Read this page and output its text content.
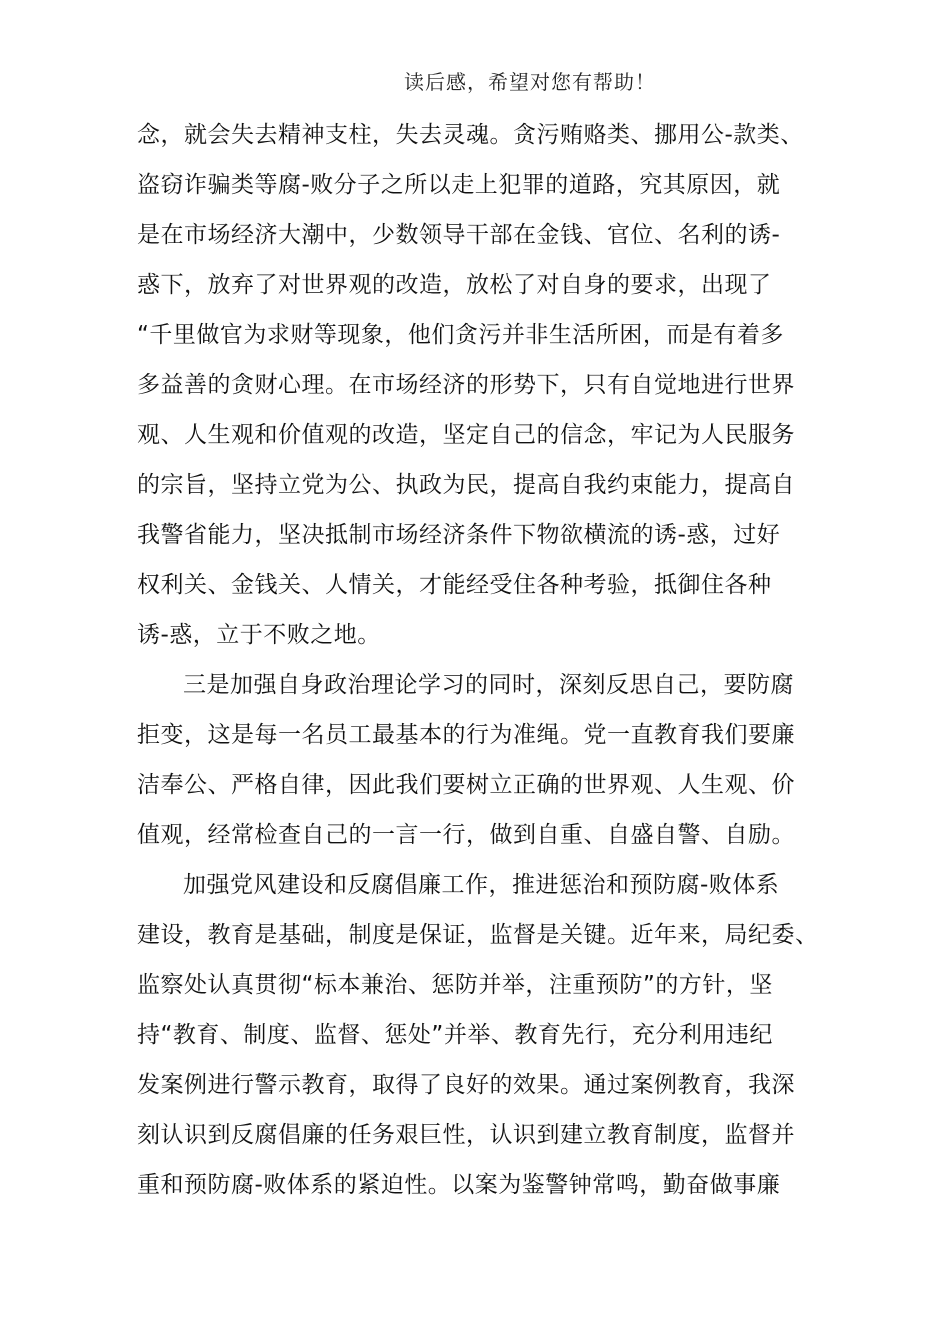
读后感，希望对您有帮助！
念，就会失去精神支柱，失去灵魂。贪污贿赂类、挪用公-款类、
盗窃诈骗类等腐-败分子之所以走上犯罪的道路，究其原因，就
是在市场经济大潮中，少数领导干部在金钱、官位、名利的诱-
惑下，放弃了对世界观的改造，放松了对自身的要求，出现了
“千里做官为求财等现象，他们贪污并非生活所困，而是有着多
多益善的贪财心理。在市场经济的形势下，只有自觉地进行世界
观、人生观和价值观的改造，坚定自己的信念，牢记为人民服务
的宗旨，坚持立党为公、执政为民，提高自我约束能力，提高自
我警省能力，坚决抵制市场经济条件下物欲横流的诱-惑，过好
权利关、金钱关、人情关，才能经受住各种考验，抵御住各种
诱-惑，立于不败之地。
三是加强自身政治理论学习的同时，深刻反思自己，要防腐
拒变，这是每一名员工最基本的行为准绳。党一直教育我们要廉
洁奉公、严格自律，因此我们要树立正确的世界观、人生观、价
值观，经常检查自己的一言一行，做到自重、自盛自警、自励。
加强党风建设和反腐倡廉工作，推进惩治和预防腐-败体系
建设，教育是基础，制度是保证，监督是关键。近年来，局纪委、
监察处认真贯彻“标本兼治、惩防并举，注重预防”的方针，坚
持“教育、制度、监督、惩处”并举、教育先行，充分利用违纪
发案例进行警示教育，取得了良好的效果。通过案例教育，我深
刻认识到反腐倡廉的任务艰巨性，认识到建立教育制度，监督并
重和预防腐-败体系的紧迫性。以案为鉴警钟常鸣，勤奋做事廉
